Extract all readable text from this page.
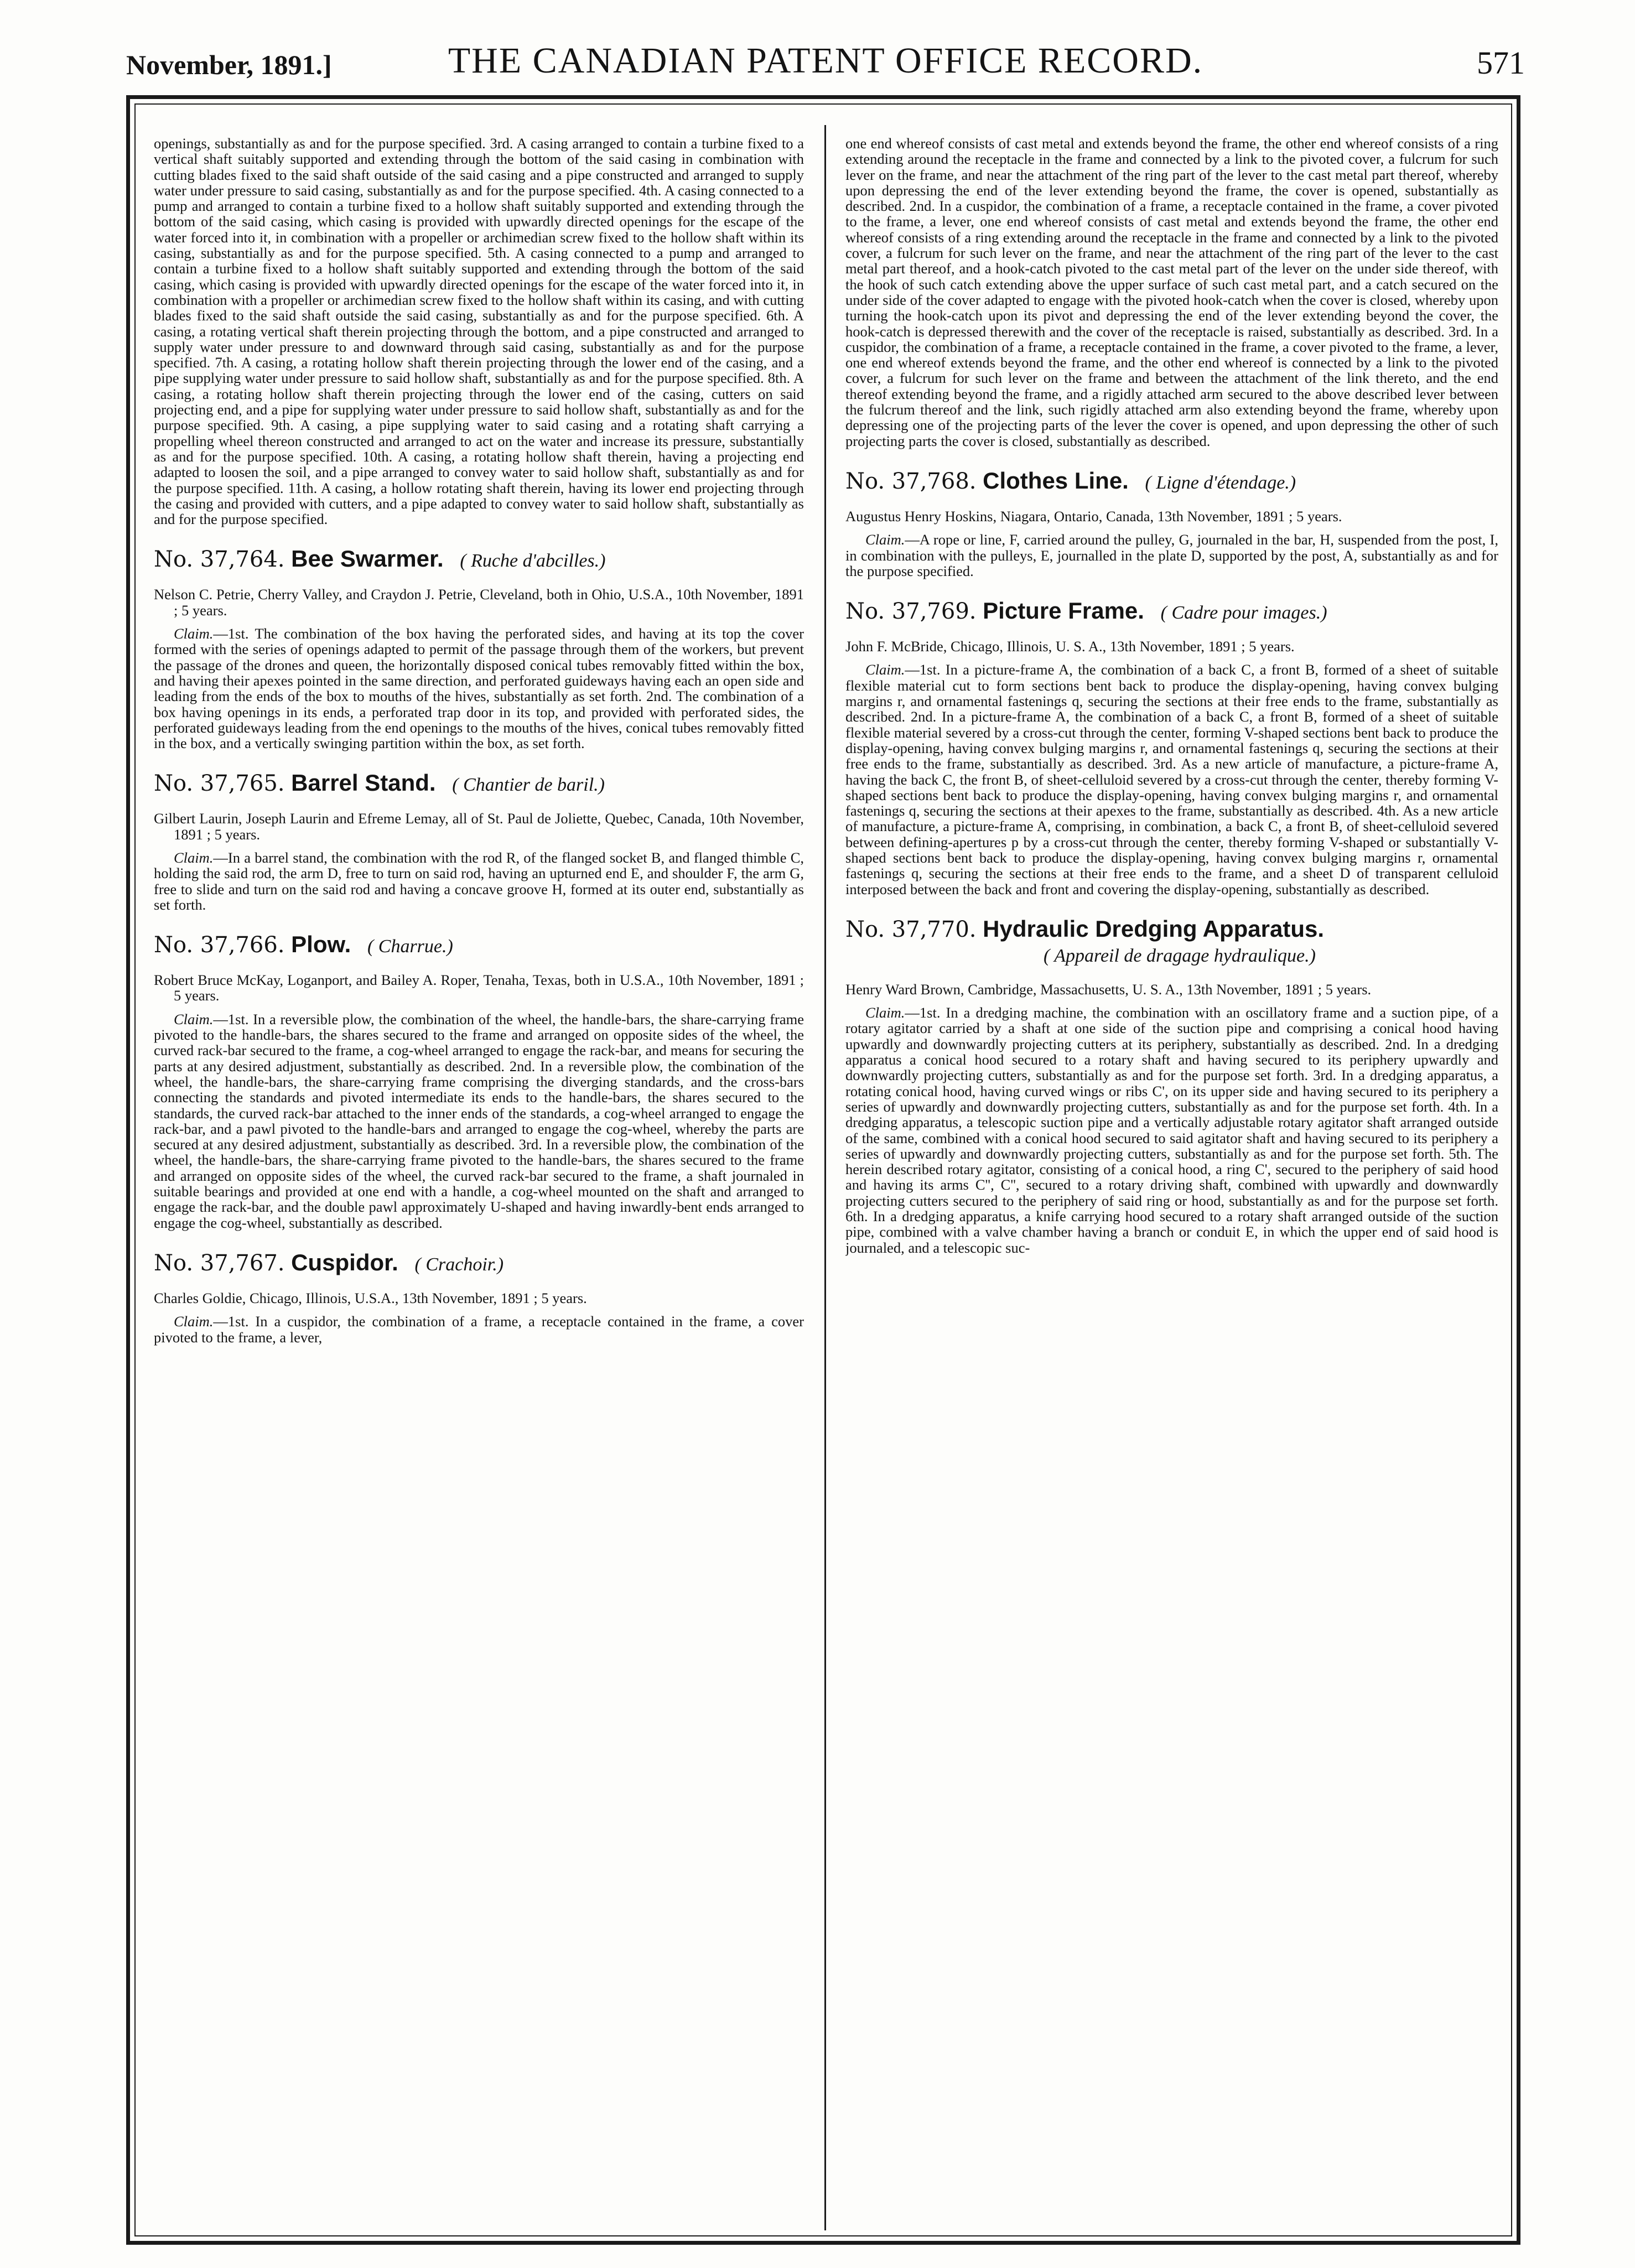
November, 1891.]	THE CANADIAN PATENT OFFICE RECORD.	571

openings, substantially as and for the purpose specified. 3rd. A casing arranged to contain a turbine fixed to a vertical shaft suitably supported and extending through the bottom of the said casing in combination with cutting blades fixed to the said shaft outside of the said casing and a pipe constructed and arranged to supply water under pressure to said casing, substantially as and for the purpose specified. 4th. A casing connected to a pump and arranged to contain a turbine fixed to a hollow shaft suitably supported and extending through the bottom of the said casing, which casing is provided with upwardly directed openings for the escape of the water forced into it, in combination with a propeller or archimedian screw fixed to the hollow shaft within its casing, substantially as and for the purpose specified. 5th. A casing connected to a pump and arranged to contain a turbine fixed to a hollow shaft suitably supported and extending through the bottom of the said casing, which casing is provided with upwardly directed openings for the escape of the water forced into it, in combination with a propeller or archimedian screw fixed to the hollow shaft within its casing, and with cutting blades fixed to the said shaft outside the said casing, substantially as and for the purpose specified. 6th. A casing, a rotating vertical shaft therein projecting through the bottom, and a pipe constructed and arranged to supply water under pressure to and downward through said casing, substantially as and for the purpose specified. 7th. A casing, a rotating hollow shaft therein projecting through the lower end of the casing, and a pipe supplying water under pressure to said hollow shaft, substantially as and for the purpose specified. 8th. A casing, a rotating hollow shaft therein projecting through the lower end of the casing, cutters on said projecting end, and a pipe for supplying water under pressure to said hollow shaft, substantially as and for the purpose specified. 9th. A casing, a pipe supplying water to said casing and a rotating shaft carrying a propelling wheel thereon constructed and arranged to act on the water and increase its pressure, substantially as and for the purpose specified. 10th. A casing, a rotating hollow shaft therein, having a projecting end adapted to loosen the soil, and a pipe arranged to convey water to said hollow shaft, substantially as and for the purpose specified. 11th. A casing, a hollow rotating shaft therein, having its lower end projecting through the casing and provided with cutters, and a pipe adapted to convey water to said hollow shaft, substantially as and for the purpose specified.

No. 37,764. Bee Swarmer. ( Ruche d'abcilles.)

Nelson C. Petrie, Cherry Valley, and Craydon J. Petrie, Cleveland, both in Ohio, U.S.A., 10th November, 1891 ; 5 years.

Claim.—1st. The combination of the box having the perforated sides, and having at its top the cover formed with the series of openings adapted to permit of the passage through them of the workers, but prevent the passage of the drones and queen, the horizontally disposed conical tubes removably fitted within the box, and having their apexes pointed in the same direction, and perforated guideways having each an open side and leading from the ends of the box to mouths of the hives, substantially as set forth. 2nd. The combination of a box having openings in its ends, a perforated trap door in its top, and provided with perforated sides, the perforated guideways leading from the end openings to the mouths of the hives, conical tubes removably fitted in the box, and a vertically swinging partition within the box, as set forth.

No. 37,765. Barrel Stand. ( Chantier de baril.)

Gilbert Laurin, Joseph Laurin and Efreme Lemay, all of St. Paul de Joliette, Quebec, Canada, 10th November, 1891 ; 5 years.

Claim.—In a barrel stand, the combination with the rod R, of the flanged socket B, and flanged thimble C, holding the said rod, the arm D, free to turn on said rod, having an upturned end E, and shoulder F, the arm G, free to slide and turn on the said rod and having a concave groove H, formed at its outer end, substantially as set forth.

No. 37,766. Plow. ( Charrue.)

Robert Bruce McKay, Loganport, and Bailey A. Roper, Tenaha, Texas, both in U.S.A., 10th November, 1891 ; 5 years.

Claim.—1st. In a reversible plow, the combination of the wheel, the handle-bars, the share-carrying frame pivoted to the handle-bars, the shares secured to the frame and arranged on opposite sides of the wheel, the curved rack-bar secured to the frame, a cog-wheel arranged to engage the rack-bar, and means for securing the parts at any desired adjustment, substantially as described. 2nd. In a reversible plow, the combination of the wheel, the handle-bars, the share-carrying frame comprising the diverging standards, and the cross-bars connecting the standards and pivoted intermediate its ends to the handle-bars, the shares secured to the standards, the curved rack-bar attached to the inner ends of the standards, a cog-wheel arranged to engage the rack-bar, and a pawl pivoted to the handle-bars and arranged to engage the cog-wheel, whereby the parts are secured at any desired adjustment, substantially as described. 3rd. In a reversible plow, the combination of the wheel, the handle-bars, the share-carrying frame pivoted to the handle-bars, the shares secured to the frame and arranged on opposite sides of the wheel, the curved rack-bar secured to the frame, a shaft journaled in suitable bearings and provided at one end with a handle, a cog-wheel mounted on the shaft and arranged to engage the rack-bar, and the double pawl approximately U-shaped and having inwardly-bent ends arranged to engage the cog-wheel, substantially as described.

No. 37,767. Cuspidor. ( Crachoir.)

Charles Goldie, Chicago, Illinois, U.S.A., 13th November, 1891 ; 5 years.

Claim.—1st. In a cuspidor, the combination of a frame, a receptacle contained in the frame, a cover pivoted to the frame, a lever,

one end whereof consists of cast metal and extends beyond the frame, the other end whereof consists of a ring extending around the receptacle in the frame and connected by a link to the pivoted cover, a fulcrum for such lever on the frame, and near the attachment of the ring part of the lever to the cast metal part thereof, whereby upon depressing the end of the lever extending beyond the frame, the cover is opened, substantially as described. 2nd. In a cuspidor, the combination of a frame, a receptacle contained in the frame, a cover pivoted to the frame, a lever, one end whereof consists of cast metal and extends beyond the frame, the other end whereof consists of a ring extending around the receptacle in the frame and connected by a link to the pivoted cover, a fulcrum for such lever on the frame, and near the attachment of the ring part of the lever to the cast metal part thereof, and a hook-catch pivoted to the cast metal part of the lever on the under side thereof, with the hook of such catch extending above the upper surface of such cast metal part, and a catch secured on the under side of the cover adapted to engage with the pivoted hook-catch when the cover is closed, whereby upon turning the hook-catch upon its pivot and depressing the end of the lever extending beyond the cover, the hook-catch is depressed therewith and the cover of the receptacle is raised, substantially as described. 3rd. In a cuspidor, the combination of a frame, a receptacle contained in the frame, a cover pivoted to the frame, a lever, one end whereof extends beyond the frame, and the other end whereof is connected by a link to the pivoted cover, a fulcrum for such lever on the frame and between the attachment of the link thereto, and the end thereof extending beyond the frame, and a rigidly attached arm secured to the above described lever between the fulcrum thereof and the link, such rigidly attached arm also extending beyond the frame, whereby upon depressing one of the projecting parts of the lever the cover is opened, and upon depressing the other of such projecting parts the cover is closed, substantially as described.

No. 37,768. Clothes Line. ( Ligne d'étendage.)

Augustus Henry Hoskins, Niagara, Ontario, Canada, 13th November, 1891 ; 5 years.

Claim.—A rope or line, F, carried around the pulley, G, journaled in the bar, H, suspended from the post, I, in combination with the pulleys, E, journalled in the plate D, supported by the post, A, substantially as and for the purpose specified.

No. 37,769. Picture Frame. ( Cadre pour images.)

John F. McBride, Chicago, Illinois, U. S. A., 13th November, 1891 ; 5 years.

Claim.—1st. In a picture-frame A, the combination of a back C, a front B, formed of a sheet of suitable flexible material cut to form sections bent back to produce the display-opening, having convex bulging margins r, and ornamental fastenings q, securing the sections at their free ends to the frame, substantially as described. 2nd. In a picture-frame A, the combination of a back C, a front B, formed of a sheet of suitable flexible material severed by a cross-cut through the center, forming V-shaped sections bent back to produce the display-opening, having convex bulging margins r, and ornamental fastenings q, securing the sections at their free ends to the frame, substantially as described. 3rd. As a new article of manufacture, a picture-frame A, having the back C, the front B, of sheet-celluloid severed by a cross-cut through the center, thereby forming V-shaped sections bent back to produce the display-opening, having convex bulging margins r, and ornamental fastenings q, securing the sections at their apexes to the frame, substantially as described. 4th. As a new article of manufacture, a picture-frame A, comprising, in combination, a back C, a front B, of sheet-celluloid severed between defining-apertures p by a cross-cut through the center, thereby forming V-shaped or substantially V-shaped sections bent back to produce the display-opening, having convex bulging margins r, ornamental fastenings q, securing the sections at their free ends to the frame, and a sheet D of transparent celluloid interposed between the back and front and covering the display-opening, substantially as described.

No. 37,770. Hydraulic Dredging Apparatus.
( Appareil de dragage hydraulique.)

Henry Ward Brown, Cambridge, Massachusetts, U. S. A., 13th November, 1891 ; 5 years.

Claim.—1st. In a dredging machine, the combination with an oscillatory frame and a suction pipe, of a rotary agitator carried by a shaft at one side of the suction pipe and comprising a conical hood having upwardly and downwardly projecting cutters at its periphery, substantially as described. 2nd. In a dredging apparatus a conical hood secured to a rotary shaft and having secured to its periphery upwardly and downwardly projecting cutters, substantially as and for the purpose set forth. 3rd. In a dredging apparatus, a rotating conical hood, having curved wings or ribs C', on its upper side and having secured to its periphery a series of upwardly and downwardly projecting cutters, substantially as and for the purpose set forth. 4th. In a dredging apparatus, a telescopic suction pipe and a vertically adjustable rotary agitator shaft arranged outside of the same, combined with a conical hood secured to said agitator shaft and having secured to its periphery a series of upwardly and downwardly projecting cutters, substantially as and for the purpose set forth. 5th. The herein described rotary agitator, consisting of a conical hood, a ring C', secured to the periphery of said hood and having its arms C'', C'', secured to a rotary driving shaft, combined with upwardly and downwardly projecting cutters secured to the periphery of said ring or hood, substantially as and for the purpose set forth. 6th. In a dredging apparatus, a knife carrying hood secured to a rotary shaft arranged outside of the suction pipe, combined with a valve chamber having a branch or conduit E, in which the upper end of said hood is journaled, and a telescopic suc-
